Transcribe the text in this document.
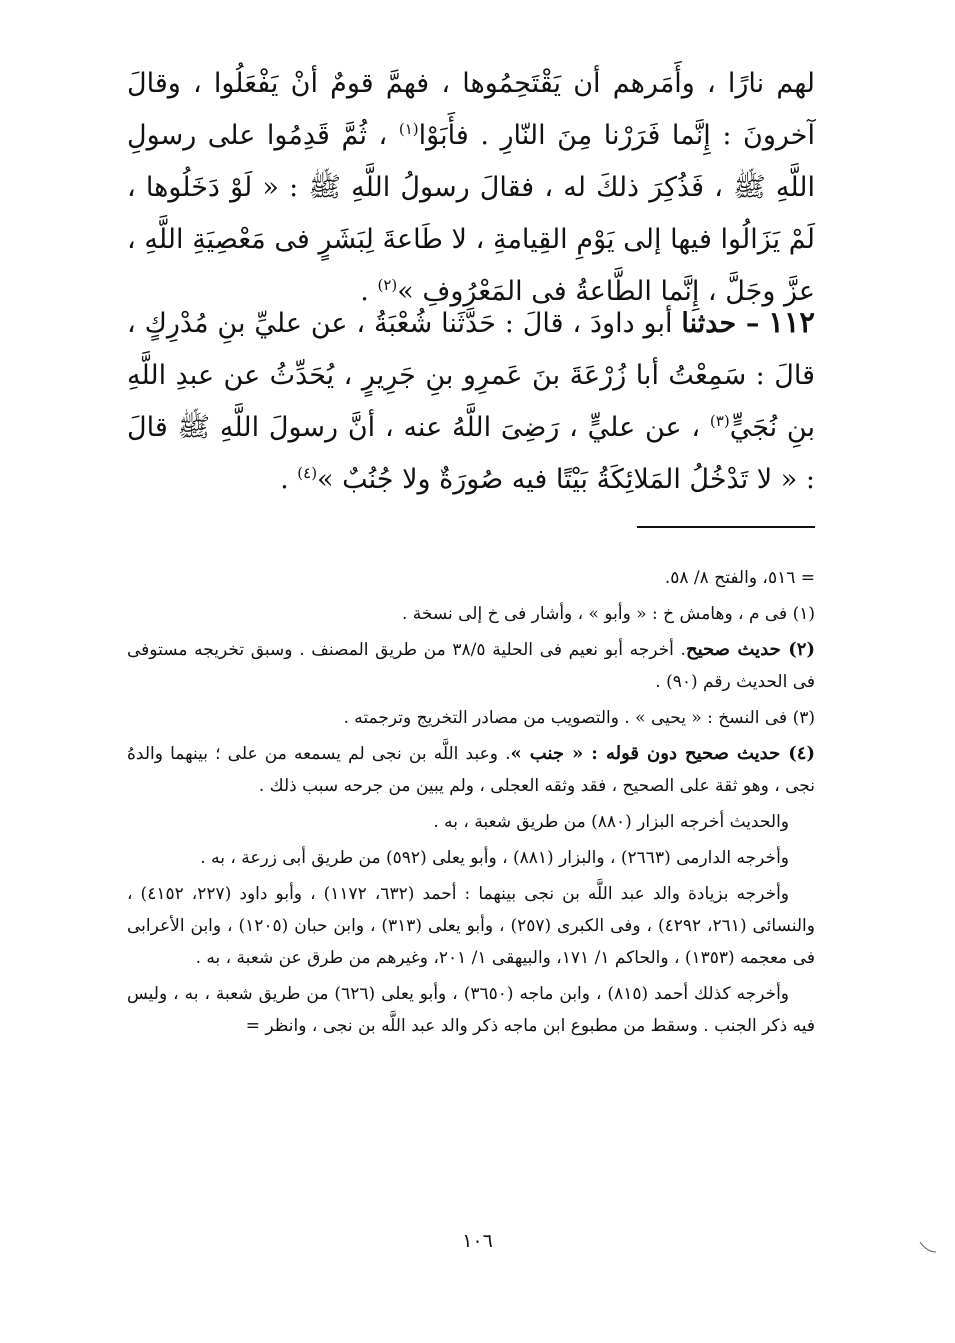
لهم نارًا ، وأَمَرهم أن يَقْتَحِمُوها ، فهمَّ قومٌ أنْ يَفْعَلُوا ، وقالَ آخرونَ : إِنَّما فَرَرْنا مِنَ النّارِ . فأَبَوْا$^{(١)}$ ، ثُمَّ قَدِمُوا على رسولِ اللَّهِ ﷺ ، فَذُكِرَ ذلكَ له ، فقالَ رسولُ اللَّهِ ﷺ : « لَوْ دَخَلُوها ، لَمْ يَزَالُوا فيها إلى يَوْمِ القِيامةِ ، لا طَاعةَ لِبَشَرٍ فى مَعْصِيَةِ اللَّهِ ، عزَّ وجَلَّ ، إِنَّما الطَّاعةُ فى المَعْرُوفِ »$^{(٢)}$ .

١١٢ – حدثنا أبو داودَ ، قالَ : حَدَّثَنا شُعْبَةُ ، عن عليِّ بنِ مُدْرِكٍ ، قالَ : سَمِعْتُ أبا زُرْعَةَ بنَ عَمرِو بنِ جَرِيرٍ ، يُحَدِّثُ عن عبدِ اللَّهِ بنِ نُجَيٍّ$^{(٣)}$ ، عن عليٍّ ، رَضِىَ اللَّهُ عنه ، أنَّ رسولَ اللَّهِ ﷺ قالَ : « لا تَدْخُلُ المَلائِكَةُ بَيْتًا فيه صُورَةٌ ولا جُنُبٌ »$^{(٤)}$ .

= ٥١٦، والفتح ٨/ ٥٨.

(١) فى م ، وهامش خ : « وأبو » ، وأشار فى خ إلى نسخة .

(٢) حديث صحيح. أخرجه أبو نعيم فى الحلية ٣٨/٥ من طريق المصنف . وسبق تخريجه مستوفى فى الحديث رقم (٩٠) .

(٣) فى النسخ : « يحيى » . والتصويب من مصادر التخريج وترجمته .

(٤) حديث صحيح دون قوله : « جنب ». وعبد اللَّه بن نجى لم يسمعه من على ؛ بينهما والدهُ نجى ، وهو ثقة على الصحيح ، فقد وثقه العجلى ، ولم يبين من جرحه سبب ذلك .

والحديث أخرجه البزار (٨٨٠) من طريق شعبة ، به .

وأخرجه الدارمى (٢٦٦٣) ، والبزار (٨٨١) ، وأبو يعلى (٥٩٢) من طريق أبى زرعة ، به .

وأخرجه بزيادة والد عبد اللَّه بن نجى بينهما : أحمد (٦٣٢، ١١٧٢) ، وأبو داود (٢٢٧، ٤١٥٢) ، والنسائى (٢٦١، ٤٢٩٢) ، وفى الكبرى (٢٥٧) ، وأبو يعلى (٣١٣) ، وابن حبان (١٢٠٥) ، وابن الأعرابى فى معجمه (١٣٥٣) ، والحاكم ١/ ١٧١، والبيهقى ١/ ٢٠١، وغيرهم من طرق عن شعبة ، به .

وأخرجه كذلك أحمد (٨١٥) ، وابن ماجه (٣٦٥٠) ، وأبو يعلى (٦٢٦) من طريق شعبة ، به ، وليس فيه ذكر الجنب . وسقط من مطبوع ابن ماجه ذكر والد عبد اللَّه بن نجى ، وانظر =

١٠٦
